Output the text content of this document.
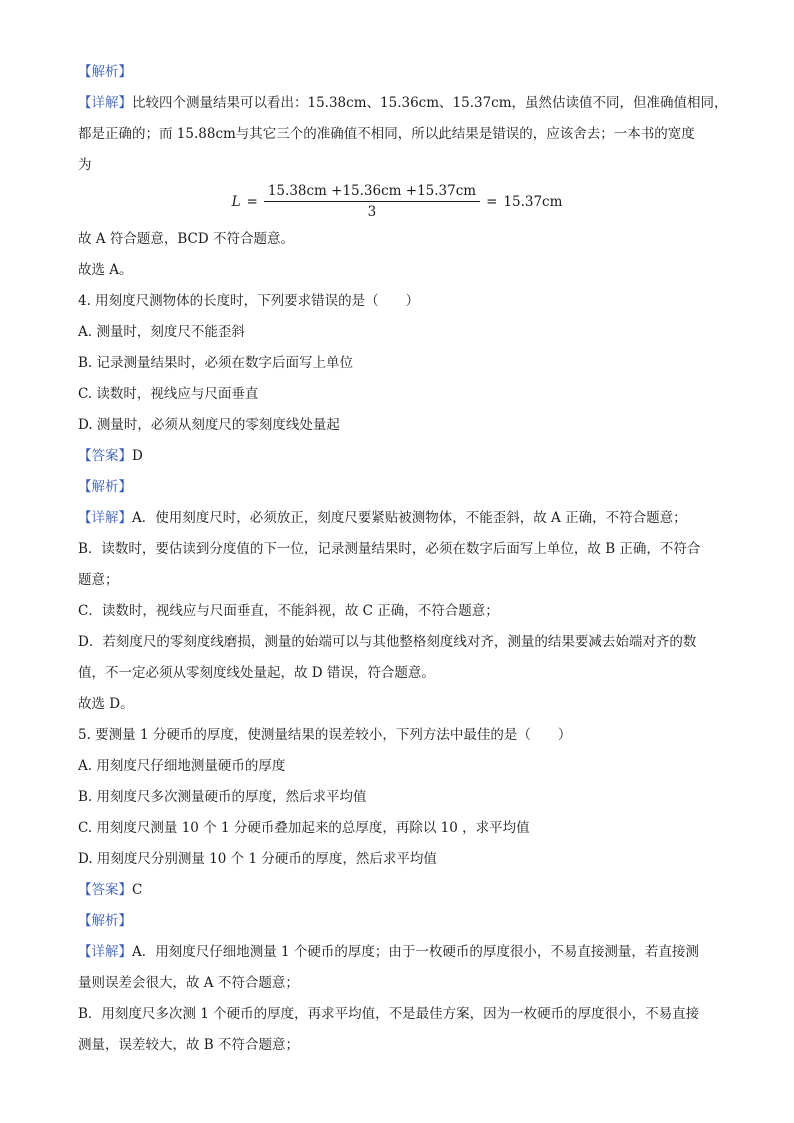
【解析】
【详解】比较四个测量结果可以看出：15.38cm、15.36cm、15.37cm，虽然估读值不同，但准确值相同，
都是正确的；而 15.88cm与其它三个的准确值不相同，所以此结果是错误的，应该舍去；一本书的宽度
为
$L = \frac{15.38cm +15.36cm +15.37cm}{3} = 15.37cm$
故 A 符合题意，BCD 不符合题意。
故选 A。
4. 用刻度尺测物体的长度时，下列要求错误的是（　　）
A. 测量时，刻度尺不能歪斜
B. 记录测量结果时，必须在数字后面写上单位
C. 读数时，视线应与尺面垂直
D. 测量时，必须从刻度尺的零刻度线处量起
【答案】D
【解析】
【详解】A．使用刻度尺时，必须放正，刻度尺要紧贴被测物体，不能歪斜，故 A 正确，不符合题意；
B．读数时，要估读到分度值的下一位，记录测量结果时，必须在数字后面写上单位，故 B 正确，不符合
题意；
C．读数时，视线应与尺面垂直，不能斜视，故 C 正确，不符合题意；
D．若刻度尺的零刻度线磨损，测量的始端可以与其他整格刻度线对齐，测量的结果要减去始端对齐的数
值，不一定必须从零刻度线处量起，故 D 错误，符合题意。
故选 D。
5. 要测量 1 分硬币的厚度，使测量结果的误差较小，下列方法中最佳的是（　　）
A. 用刻度尺仔细地测量硬币的厚度
B. 用刻度尺多次测量硬币的厚度，然后求平均值
C. 用刻度尺测量 10 个 1 分硬币叠加起来的总厚度，再除以 10 ，求平均值
D. 用刻度尺分别测量 10 个 1 分硬币的厚度，然后求平均值
【答案】C
【解析】
【详解】A．用刻度尺仔细地测量 1 个硬币的厚度；由于一枚硬币的厚度很小，不易直接测量，若直接测
量则误差会很大，故 A 不符合题意；
B．用刻度尺多次测 1 个硬币的厚度，再求平均值，不是最佳方案，因为一枚硬币的厚度很小，不易直接
测量，误差较大，故 B 不符合题意；
